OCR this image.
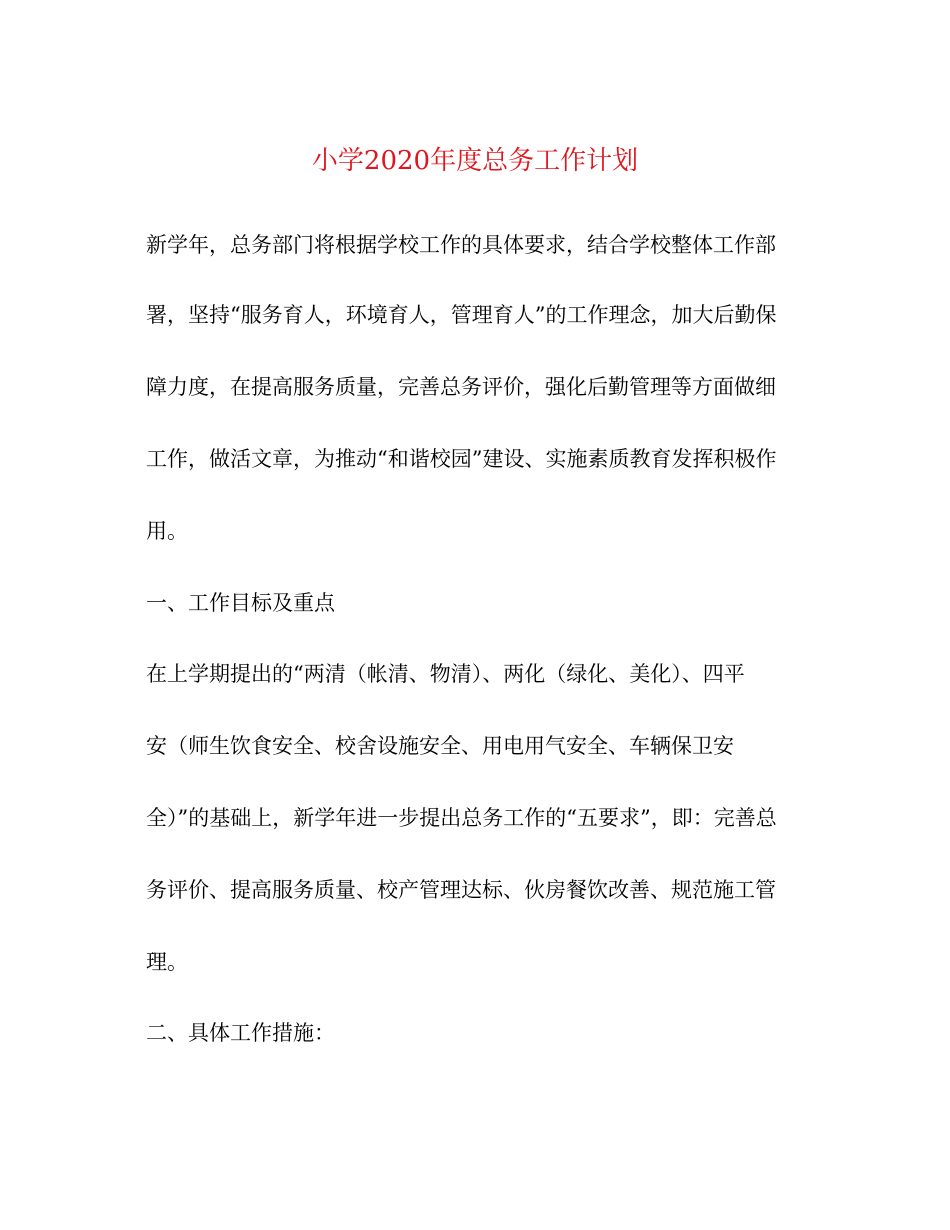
小学2020年度总务工作计划
新学年，总务部门将根据学校工作的具体要求，结合学校整体工作部
署，坚持“服务育人，环境育人，管理育人”的工作理念，加大后勤保
障力度，在提高服务质量，完善总务评价，强化后勤管理等方面做细
工作，做活文章，为推动“和谐校园”建设、实施素质教育发挥积极作
用。
一、工作目标及重点
在上学期提出的“两清（帐清、物清）、两化（绿化、美化）、四平
安（师生饮食安全、校舍设施安全、用电用气安全、车辆保卫安
全）”的基础上，新学年进一步提出总务工作的“五要求”，即：完善总
务评价、提高服务质量、校产管理达标、伙房餐饮改善、规范施工管
理。
二、具体工作措施：
